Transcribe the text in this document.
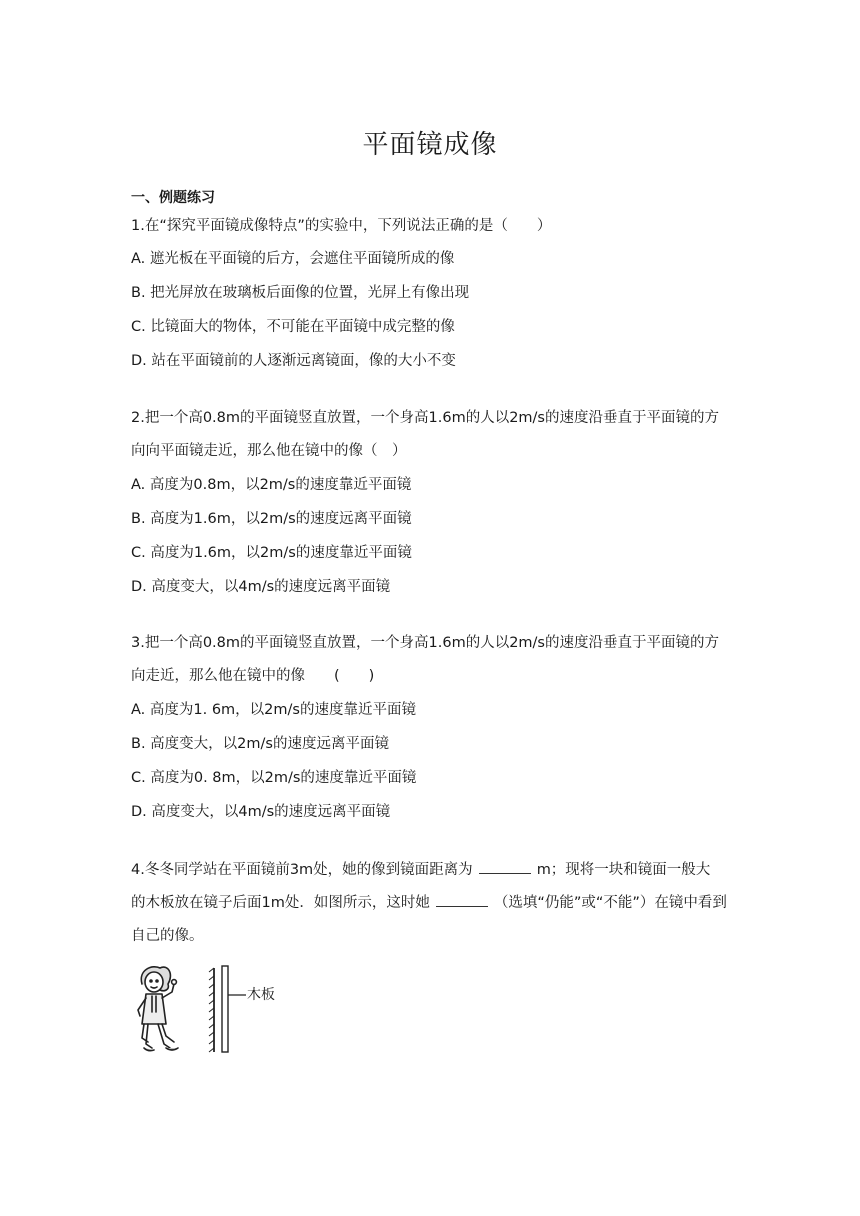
平面镜成像
一、例题练习
1.在“探究平面镜成像特点”的实验中，下列说法正确的是（　　）
A. 遮光板在平面镜的后方，会遮住平面镜所成的像
B. 把光屏放在玻璃板后面像的位置，光屏上有像出现
C. 比镜面大的物体，不可能在平面镜中成完整的像
D. 站在平面镜前的人逐渐远离镜面，像的大小不变
2.把一个高0.8m的平面镜竖直放置，一个身高1.6m的人以2m/s的速度沿垂直于平面镜的方
向向平面镜走近，那么他在镜中的像（　）
A. 高度为0.8m，以2m/s的速度靠近平面镜
B. 高度为1.6m，以2m/s的速度远离平面镜
C. 高度为1.6m，以2m/s的速度靠近平面镜
D. 高度变大，以4m/s的速度远离平面镜
3.把一个高0.8m的平面镜竖直放置，一个身高1.6m的人以2m/s的速度沿垂直于平面镜的方
向走近，那么他在镜中的像　　(　　)
A. 高度为1. 6m，以2m/s的速度靠近平面镜
B. 高度变大，以2m/s的速度远离平面镜
C. 高度为0. 8m，以2m/s的速度靠近平面镜
D. 高度变大，以4m/s的速度远离平面镜
4.冬冬同学站在平面镜前3m处，她的像到镜面距离为	m；现将一块和镜面一般大
的木板放在镜子后面1m处．如图所示，这时她	（选填“仍能”或“不能”）在镜中看到
自己的像。
木板
